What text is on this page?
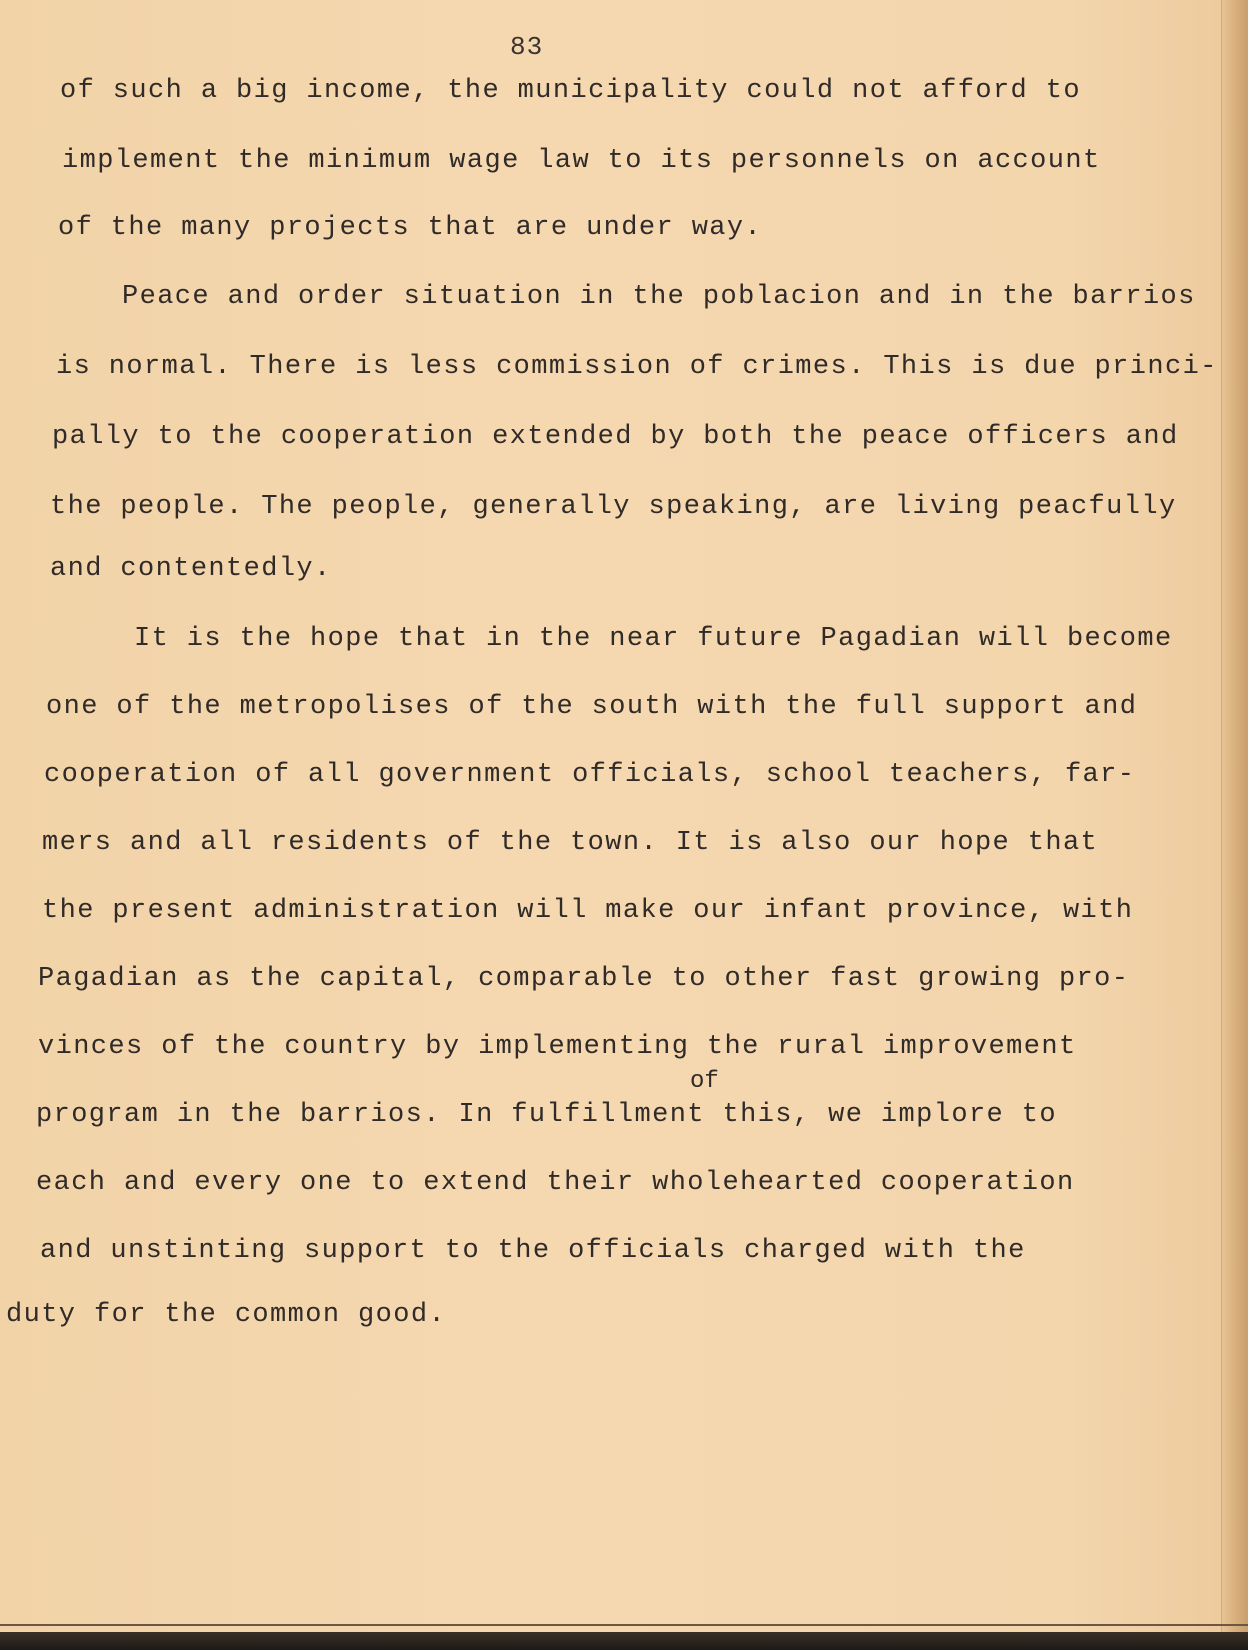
83
of such a big income, the municipality could not afford to
implement the minimum wage law to its personnels on account
of the many projects that are under way.
Peace and order situation in the poblacion and in the barrios
is normal. There is less commission of crimes. This is due princi-
pally to the cooperation extended by both the peace officers and
the people. The people, generally speaking, are living peacfully
and contentedly.
It is the hope that in the near future Pagadian will become
one of the metropolises of the south with the full support and
cooperation of all government officials, school teachers, far-
mers and all residents of the town. It is also our hope that
the present administration will make our infant province, with
Pagadian as the capital, comparable to other fast growing pro-
vinces of the country by implementing the rural improvement
of
program in the barrios. In fulfillment this, we implore to
each and every one to extend their wholehearted cooperation
and unstinting support to the officials charged with the
duty for the common good.
